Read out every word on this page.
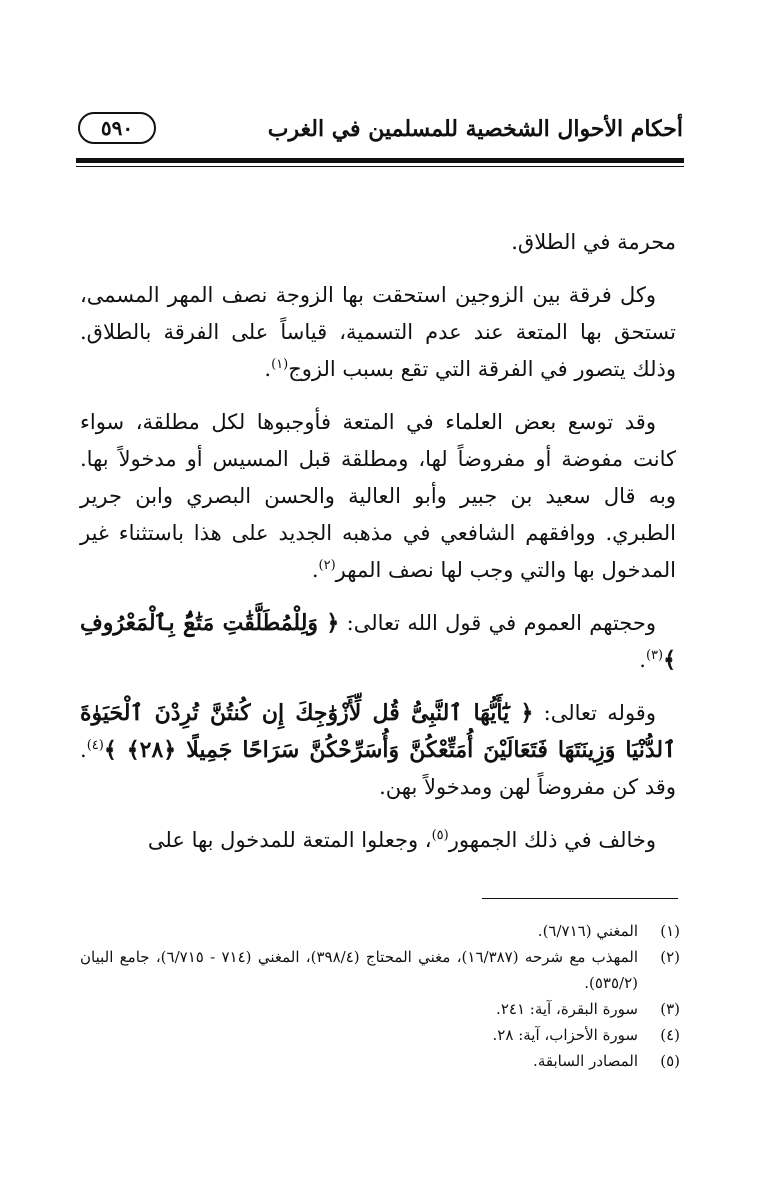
أحكام الأحوال الشخصية للمسلمين في الغرب
٥٩٠

محرمة في الطلاق.

وكل فرقة بين الزوجين استحقت بها الزوجة نصف المهر المسمى، تستحق بها المتعة عند عدم التسمية، قياساً على الفرقة بالطلاق. وذلك يتصور في الفرقة التي تقع بسبب الزوج$^{(١)}$.

وقد توسع بعض العلماء في المتعة فأوجبوها لكل مطلقة، سواء كانت مفوضة أو مفروضاً لها، ومطلقة قبل المسيس أو مدخولاً بها. وبه قال سعيد بن جبير وأبو العالية والحسن البصري وابن جرير الطبري. ووافقهم الشافعي في مذهبه الجديد على هذا باستثناء غير المدخول بها والتي وجب لها نصف المهر$^{(٢)}$.

وحجتهم العموم في قول الله تعالى: ﴿ وَلِلْمُطَلَّقَٰتِ مَتَٰعٌۢ بِٱلْمَعْرُوفِ ﴾$^{(٣)}$.

وقوله تعالى: ﴿ يَٰٓأَيُّهَا ٱلنَّبِىُّ قُل لِّأَزْوَٰجِكَ إِن كُنتُنَّ تُرِدْنَ ٱلْحَيَوٰةَ ٱلدُّنْيَا وَزِينَتَهَا فَتَعَالَيْنَ أُمَتِّعْكُنَّ وَأُسَرِّحْكُنَّ سَرَاحًا جَمِيلًا ﴿٢٨﴾ ﴾$^{(٤)}$. وقد كن مفروضاً لهن ومدخولاً بهن.

وخالف في ذلك الجمهور$^{(٥)}$، وجعلوا المتعة للمدخول بها على

(١)
المغني (٦/٧١٦).
(٢)
المهذب مع شرحه (١٦/٣٨٧)، مغني المحتاج (٣٩٨/٤)، المغني (٧١٤ - ٦/٧١٥)، جامع البيان (٥٣٥/٢).
(٣)
سورة البقرة، آية: ٢٤١.
(٤)
سورة الأحزاب، آية: ٢٨.
(٥)
المصادر السابقة.
